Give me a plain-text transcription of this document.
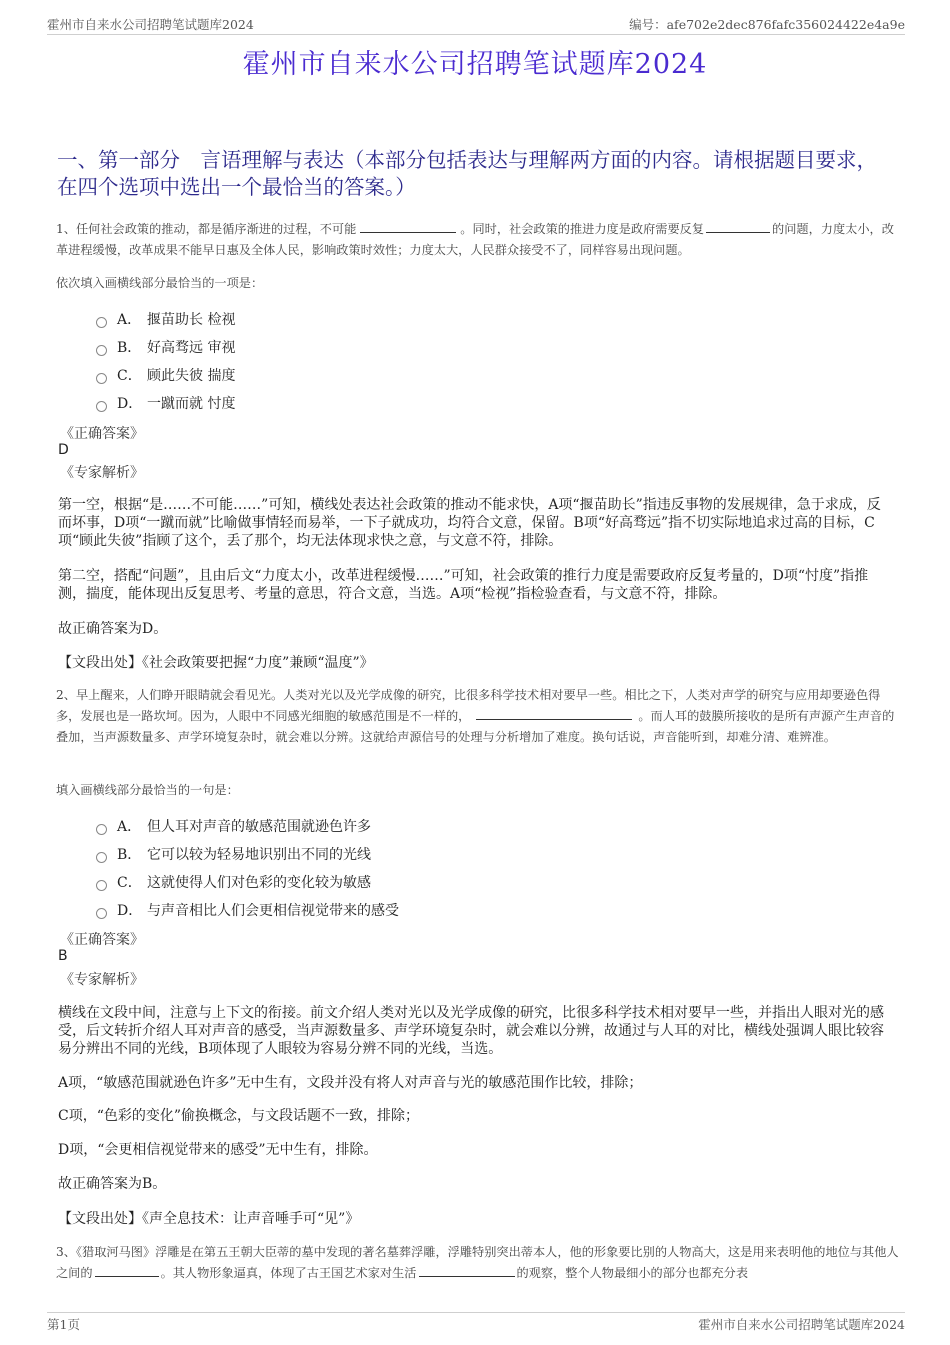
霍州市自来水公司招聘笔试题库2024	编号：afe702e2dec876fafc356024422e4a9e
霍州市自来水公司招聘笔试题库2024
一、第一部分　言语理解与表达（本部分包括表达与理解两方面的内容。请根据题目要求，在四个选项中选出一个最恰当的答案。）
1、任何社会政策的推动，都是循序渐进的过程，不可能	。同时，社会政策的推进力度是政府需要反复	的问题，力度太小，改革进程缓慢，改革成果不能早日惠及全体人民，影响政策时效性；力度太大，人民群众接受不了，同样容易出现问题。
依次填入画横线部分最恰当的一项是：
A． 揠苗助长 检视
B． 好高骛远 审视
C． 顾此失彼 揣度
D． 一蹴而就 忖度
《正确答案》
D
《专家解析》
第一空，根据“是……不可能……”可知，横线处表达社会政策的推动不能求快，A项“揠苗助长”指违反事物的发展规律，急于求成，反而坏事，D项“一蹴而就”比喻做事情轻而易举，一下子就成功，均符合文意，保留。B项“好高骛远”指不切实际地追求过高的目标，C项“顾此失彼”指顾了这个，丢了那个，均无法体现求快之意，与文意不符，排除。
第二空，搭配“问题”，且由后文“力度太小，改革进程缓慢……”可知，社会政策的推行力度是需要政府反复考量的，D项“忖度”指推测，揣度，能体现出反复思考、考量的意思，符合文意，当选。A项“检视”指检验查看，与文意不符，排除。
故正确答案为D。
【文段出处】《社会政策要把握“力度”兼顾“温度”》
2、早上醒来，人们睁开眼睛就会看见光。人类对光以及光学成像的研究，比很多科学技术相对要早一些。相比之下，人类对声学的研究与应用却要逊色得多，发展也是一路坎坷。因为，人眼中不同感光细胞的敏感范围是不一样的，	。而人耳的鼓膜所接收的是所有声源产生声音的叠加，当声源数量多、声学环境复杂时，就会难以分辨。这就给声源信号的处理与分析增加了难度。换句话说，声音能听到，却难分清、难辨准。
填入画横线部分最恰当的一句是：
A． 但人耳对声音的敏感范围就逊色许多
B． 它可以较为轻易地识别出不同的光线
C． 这就使得人们对色彩的变化较为敏感
D． 与声音相比人们会更相信视觉带来的感受
《正确答案》
B
《专家解析》
横线在文段中间，注意与上下文的衔接。前文介绍人类对光以及光学成像的研究，比很多科学技术相对要早一些，并指出人眼对光的感受，后文转折介绍人耳对声音的感受，当声源数量多、声学环境复杂时，就会难以分辨，故通过与人耳的对比，横线处强调人眼比较容易分辨出不同的光线，B项体现了人眼较为容易分辨不同的光线，当选。
A项，“敏感范围就逊色许多”无中生有，文段并没有将人对声音与光的敏感范围作比较，排除；
C项，“色彩的变化”偷换概念，与文段话题不一致，排除；
D项，“会更相信视觉带来的感受”无中生有，排除。
故正确答案为B。
【文段出处】《声全息技术：让声音唾手可“见”》
3、《猎取河马图》浮雕是在第五王朝大臣蒂的墓中发现的著名墓葬浮雕，浮雕特别突出蒂本人，他的形象要比别的人物高大，这是用来表明他的地位与其他人之间的	。其人物形象逼真，体现了古王国艺术家对生活	的观察，整个人物最细小的部分也都充分表
第1页	霍州市自来水公司招聘笔试题库2024
